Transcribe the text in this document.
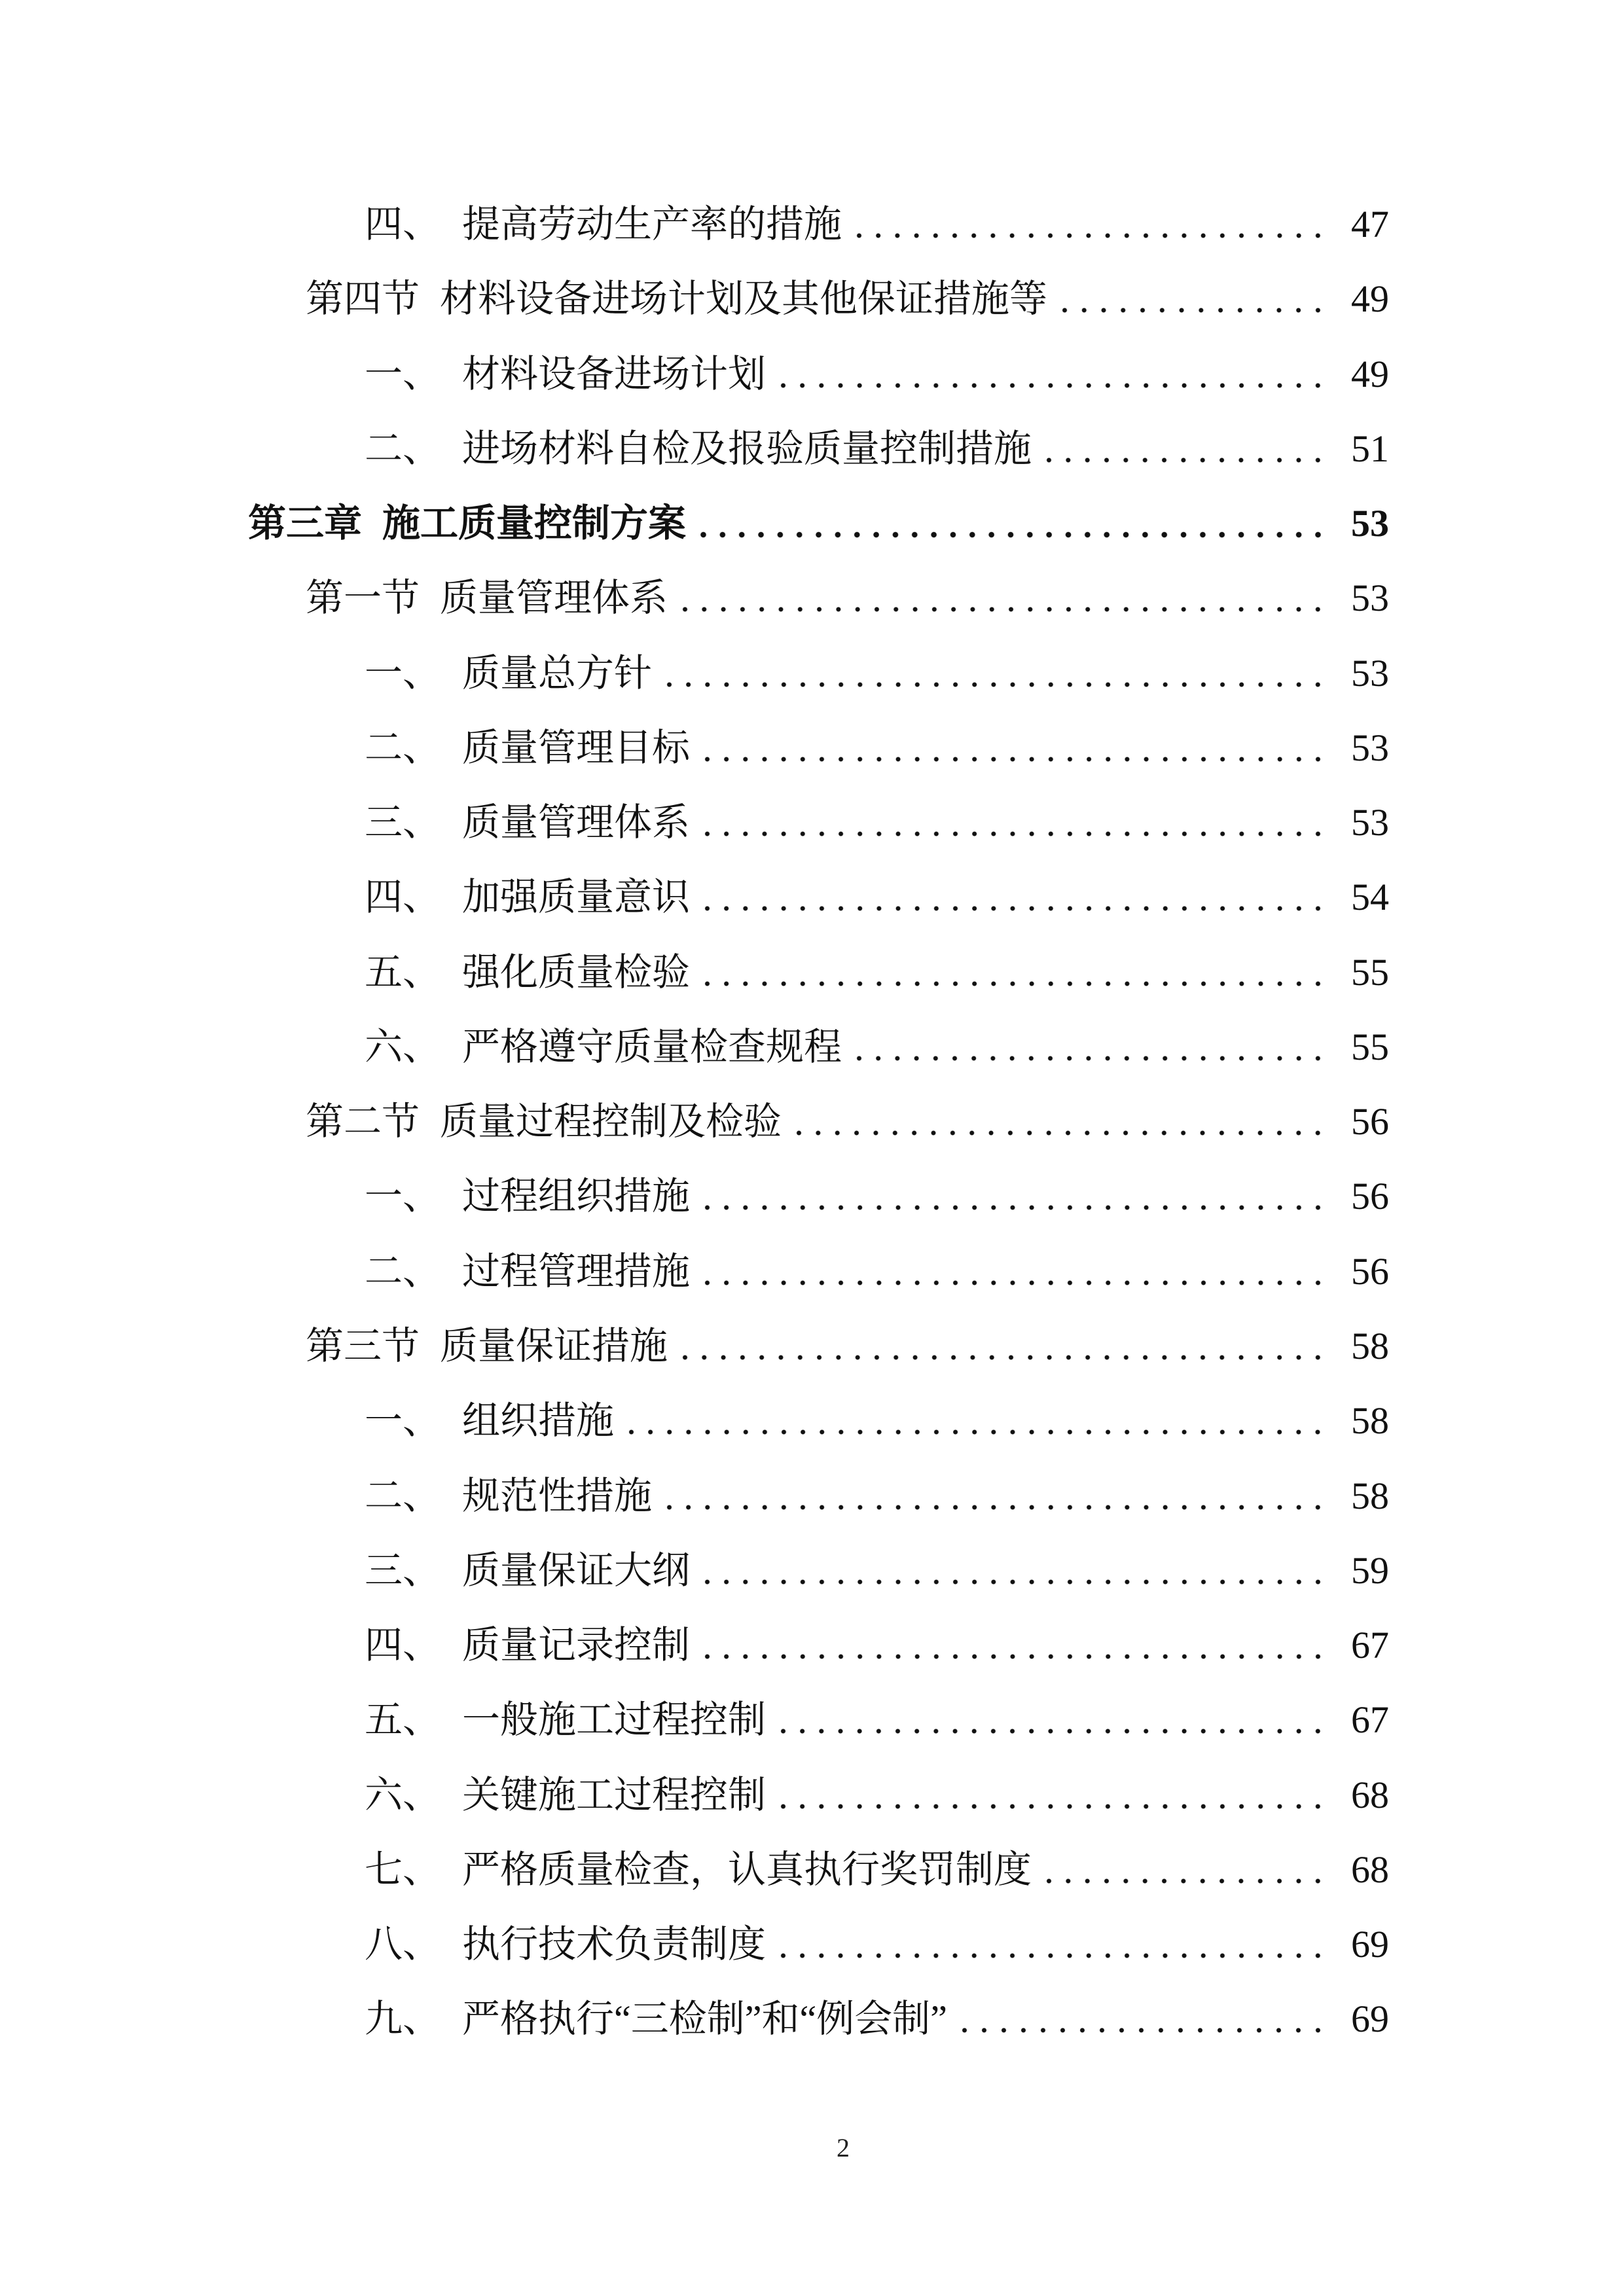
四、 提高劳动生产率的措施	47
第四节 材料设备进场计划及其他保证措施等	49
一、 材料设备进场计划	49
二、 进场材料自检及报验质量控制措施	51
第三章 施工质量控制方案	53
第一节 质量管理体系	53
一、 质量总方针	53
二、 质量管理目标	53
三、 质量管理体系	53
四、 加强质量意识	54
五、 强化质量检验	55
六、 严格遵守质量检查规程	55
第二节 质量过程控制及检验	56
一、 过程组织措施	56
二、 过程管理措施	56
第三节 质量保证措施	58
一、 组织措施	58
二、 规范性措施	58
三、 质量保证大纲	59
四、 质量记录控制	67
五、 一般施工过程控制	67
六、 关键施工过程控制	68
七、 严格质量检查，认真执行奖罚制度	68
八、 执行技术负责制度	69
九、 严格执行“三检制”和“例会制”	69
2
